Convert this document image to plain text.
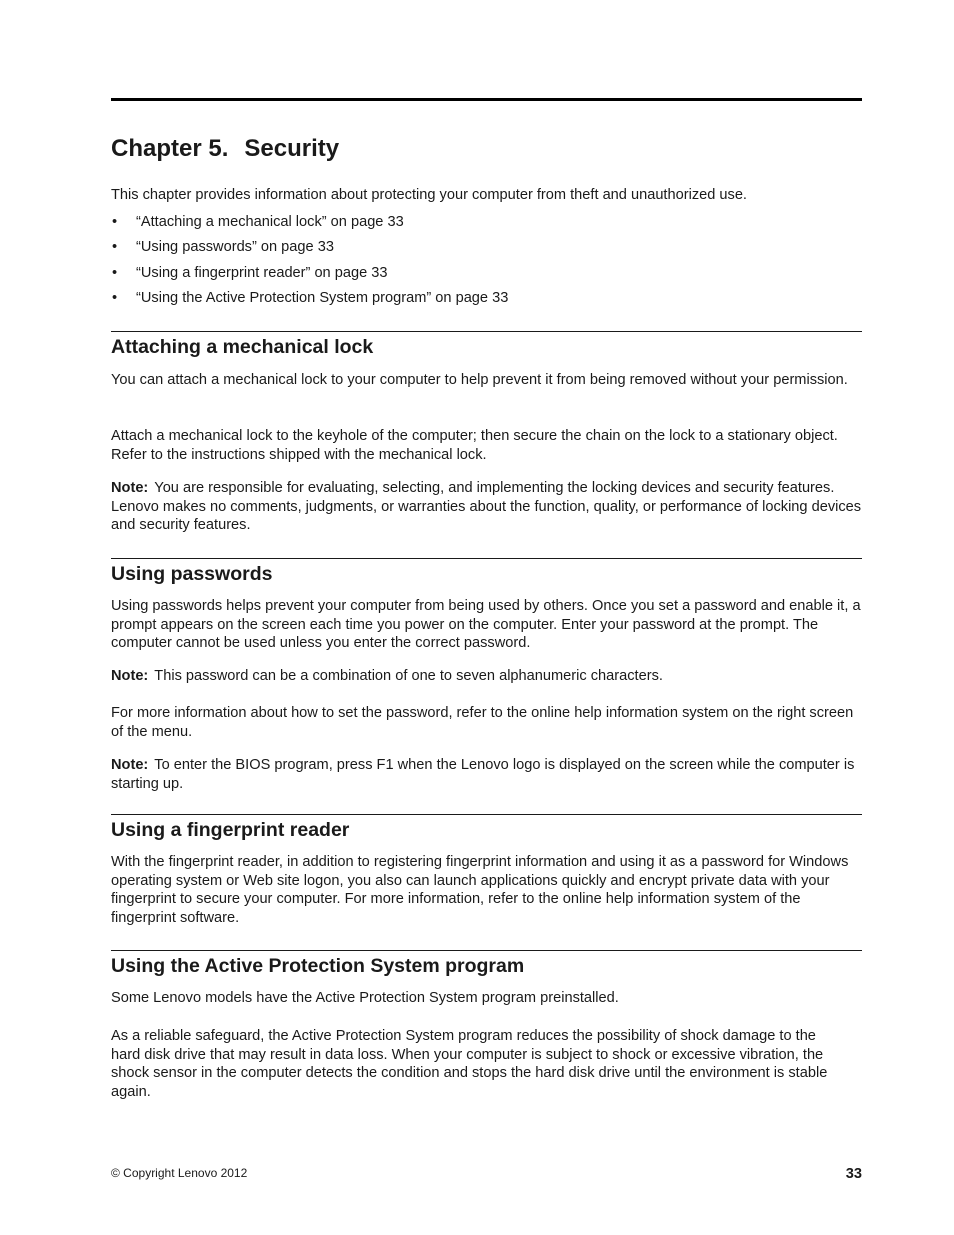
Chapter 5. Security

This chapter provides information about protecting your computer from theft and unauthorized use.

• “Attaching a mechanical lock” on page 33
• “Using passwords” on page 33
• “Using a fingerprint reader” on page 33
• “Using the Active Protection System program” on page 33
Attaching a mechanical lock

You can attach a mechanical lock to your computer to help prevent it from being removed without your permission.

Attach a mechanical lock to the keyhole of the computer; then secure the chain on the lock to a stationary object. Refer to the instructions shipped with the mechanical lock.

Note: You are responsible for evaluating, selecting, and implementing the locking devices and security features. Lenovo makes no comments, judgments, or warranties about the function, quality, or performance of locking devices and security features.

Using passwords

Using passwords helps prevent your computer from being used by others. Once you set a password and enable it, a prompt appears on the screen each time you power on the computer. Enter your password at the prompt. The computer cannot be used unless you enter the correct password.

Note: This password can be a combination of one to seven alphanumeric characters.

For more information about how to set the password, refer to the online help information system on the right screen of the menu.

Note: To enter the BIOS program, press F1 when the Lenovo logo is displayed on the screen while the computer is starting up.

Using a fingerprint reader

With the fingerprint reader, in addition to registering fingerprint information and using it as a password for Windows operating system or Web site logon, you also can launch applications quickly and encrypt private data with your fingerprint to secure your computer. For more information, refer to the online help information system of the fingerprint software.

Using the Active Protection System program

Some Lenovo models have the Active Protection System program preinstalled.

As a reliable safeguard, the Active Protection System program reduces the possibility of shock damage to the hard disk drive that may result in data loss. When your computer is subject to shock or excessive vibration, the shock sensor in the computer detects the condition and stops the hard disk drive until the environment is stable again.

© Copyright Lenovo 2012	33
